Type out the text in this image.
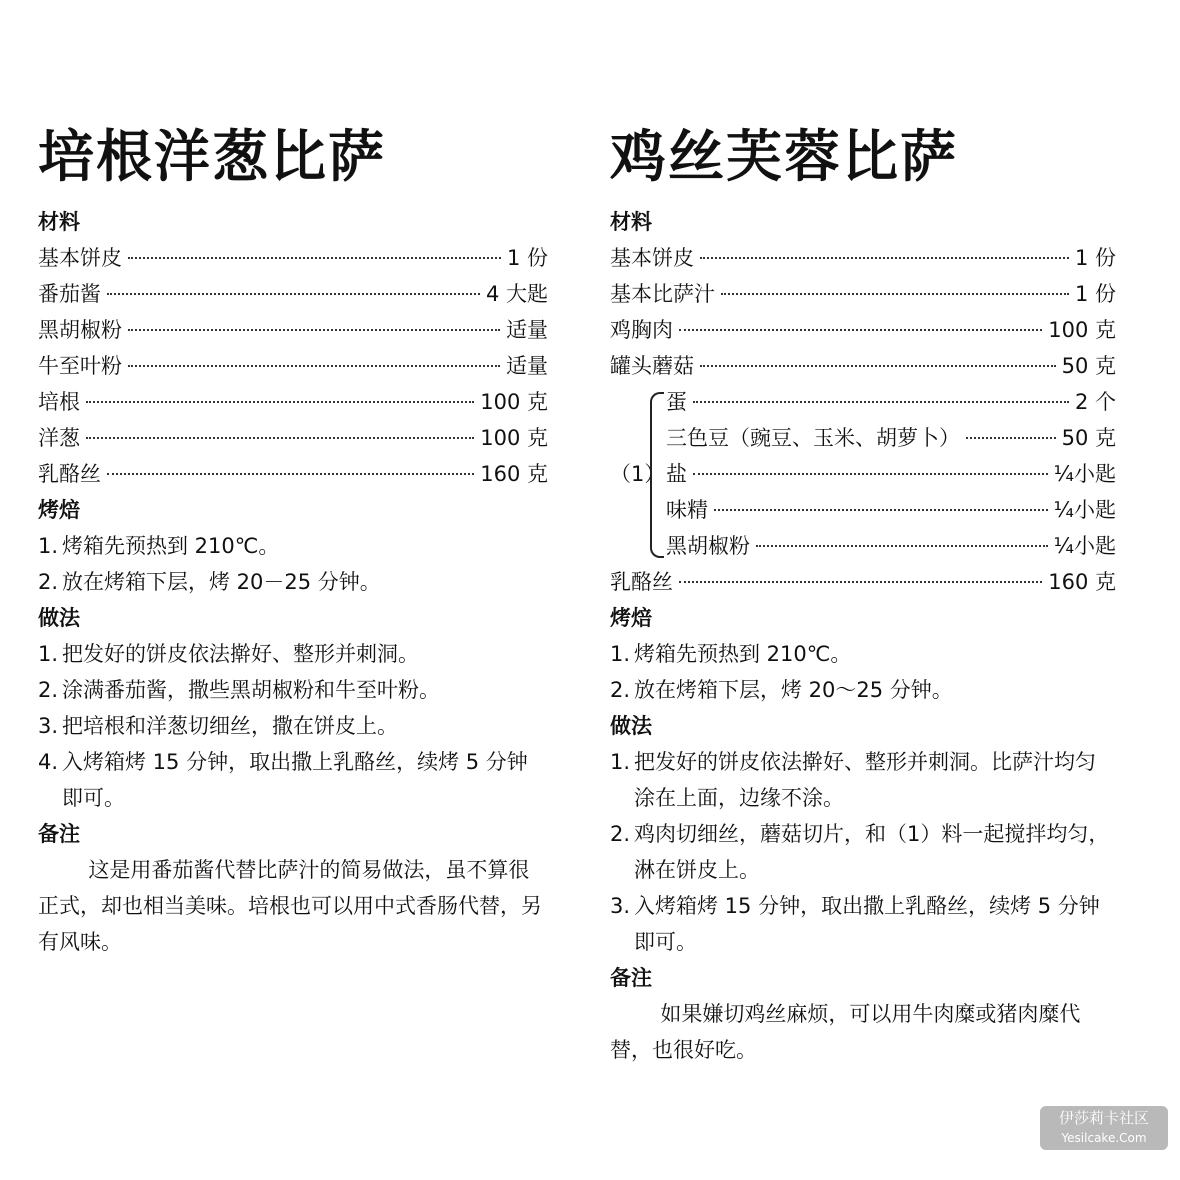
培根洋葱比萨
材料
基本饼皮	1 份
番茄酱	4 大匙
黑胡椒粉	适量
牛至叶粉	适量
培根	100 克
洋葱	100 克
乳酪丝	160 克
烤焙
1. 烤箱先预热到 210℃。
2. 放在烤箱下层，烤 20－25 分钟。
做法
1. 把发好的饼皮依法擀好、整形并刺洞。
2. 涂满番茄酱，撒些黑胡椒粉和牛至叶粉。
3. 把培根和洋葱切细丝，撒在饼皮上。
4. 入烤箱烤 15 分钟，取出撒上乳酪丝，续烤 5 分钟即可。
备注

这是用番茄酱代替比萨汁的简易做法，虽不算很正式，却也相当美味。培根也可以用中式香肠代替，另有风味。

鸡丝芙蓉比萨
材料
基本饼皮	1 份
基本比萨汁	1 份
鸡胸肉	100 克
罐头蘑菇	50 克
（1）
蛋	2 个
三色豆（豌豆、玉米、胡萝卜）	50 克
盐	¼小匙
味精	¼小匙
黑胡椒粉	¼小匙
乳酪丝	160 克
烤焙
1. 烤箱先预热到 210℃。
2. 放在烤箱下层，烤 20～25 分钟。
做法
1. 把发好的饼皮依法擀好、整形并刺洞。比萨汁均匀涂在上面，边缘不涂。
2. 鸡肉切细丝，蘑菇切片，和（1）料一起搅拌均匀，淋在饼皮上。
3. 入烤箱烤 15 分钟，取出撒上乳酪丝，续烤 5 分钟即可。
备注

如果嫌切鸡丝麻烦，可以用牛肉糜或猪肉糜代替，也很好吃。

伊莎莉卡社区
Yesilcake.Com
